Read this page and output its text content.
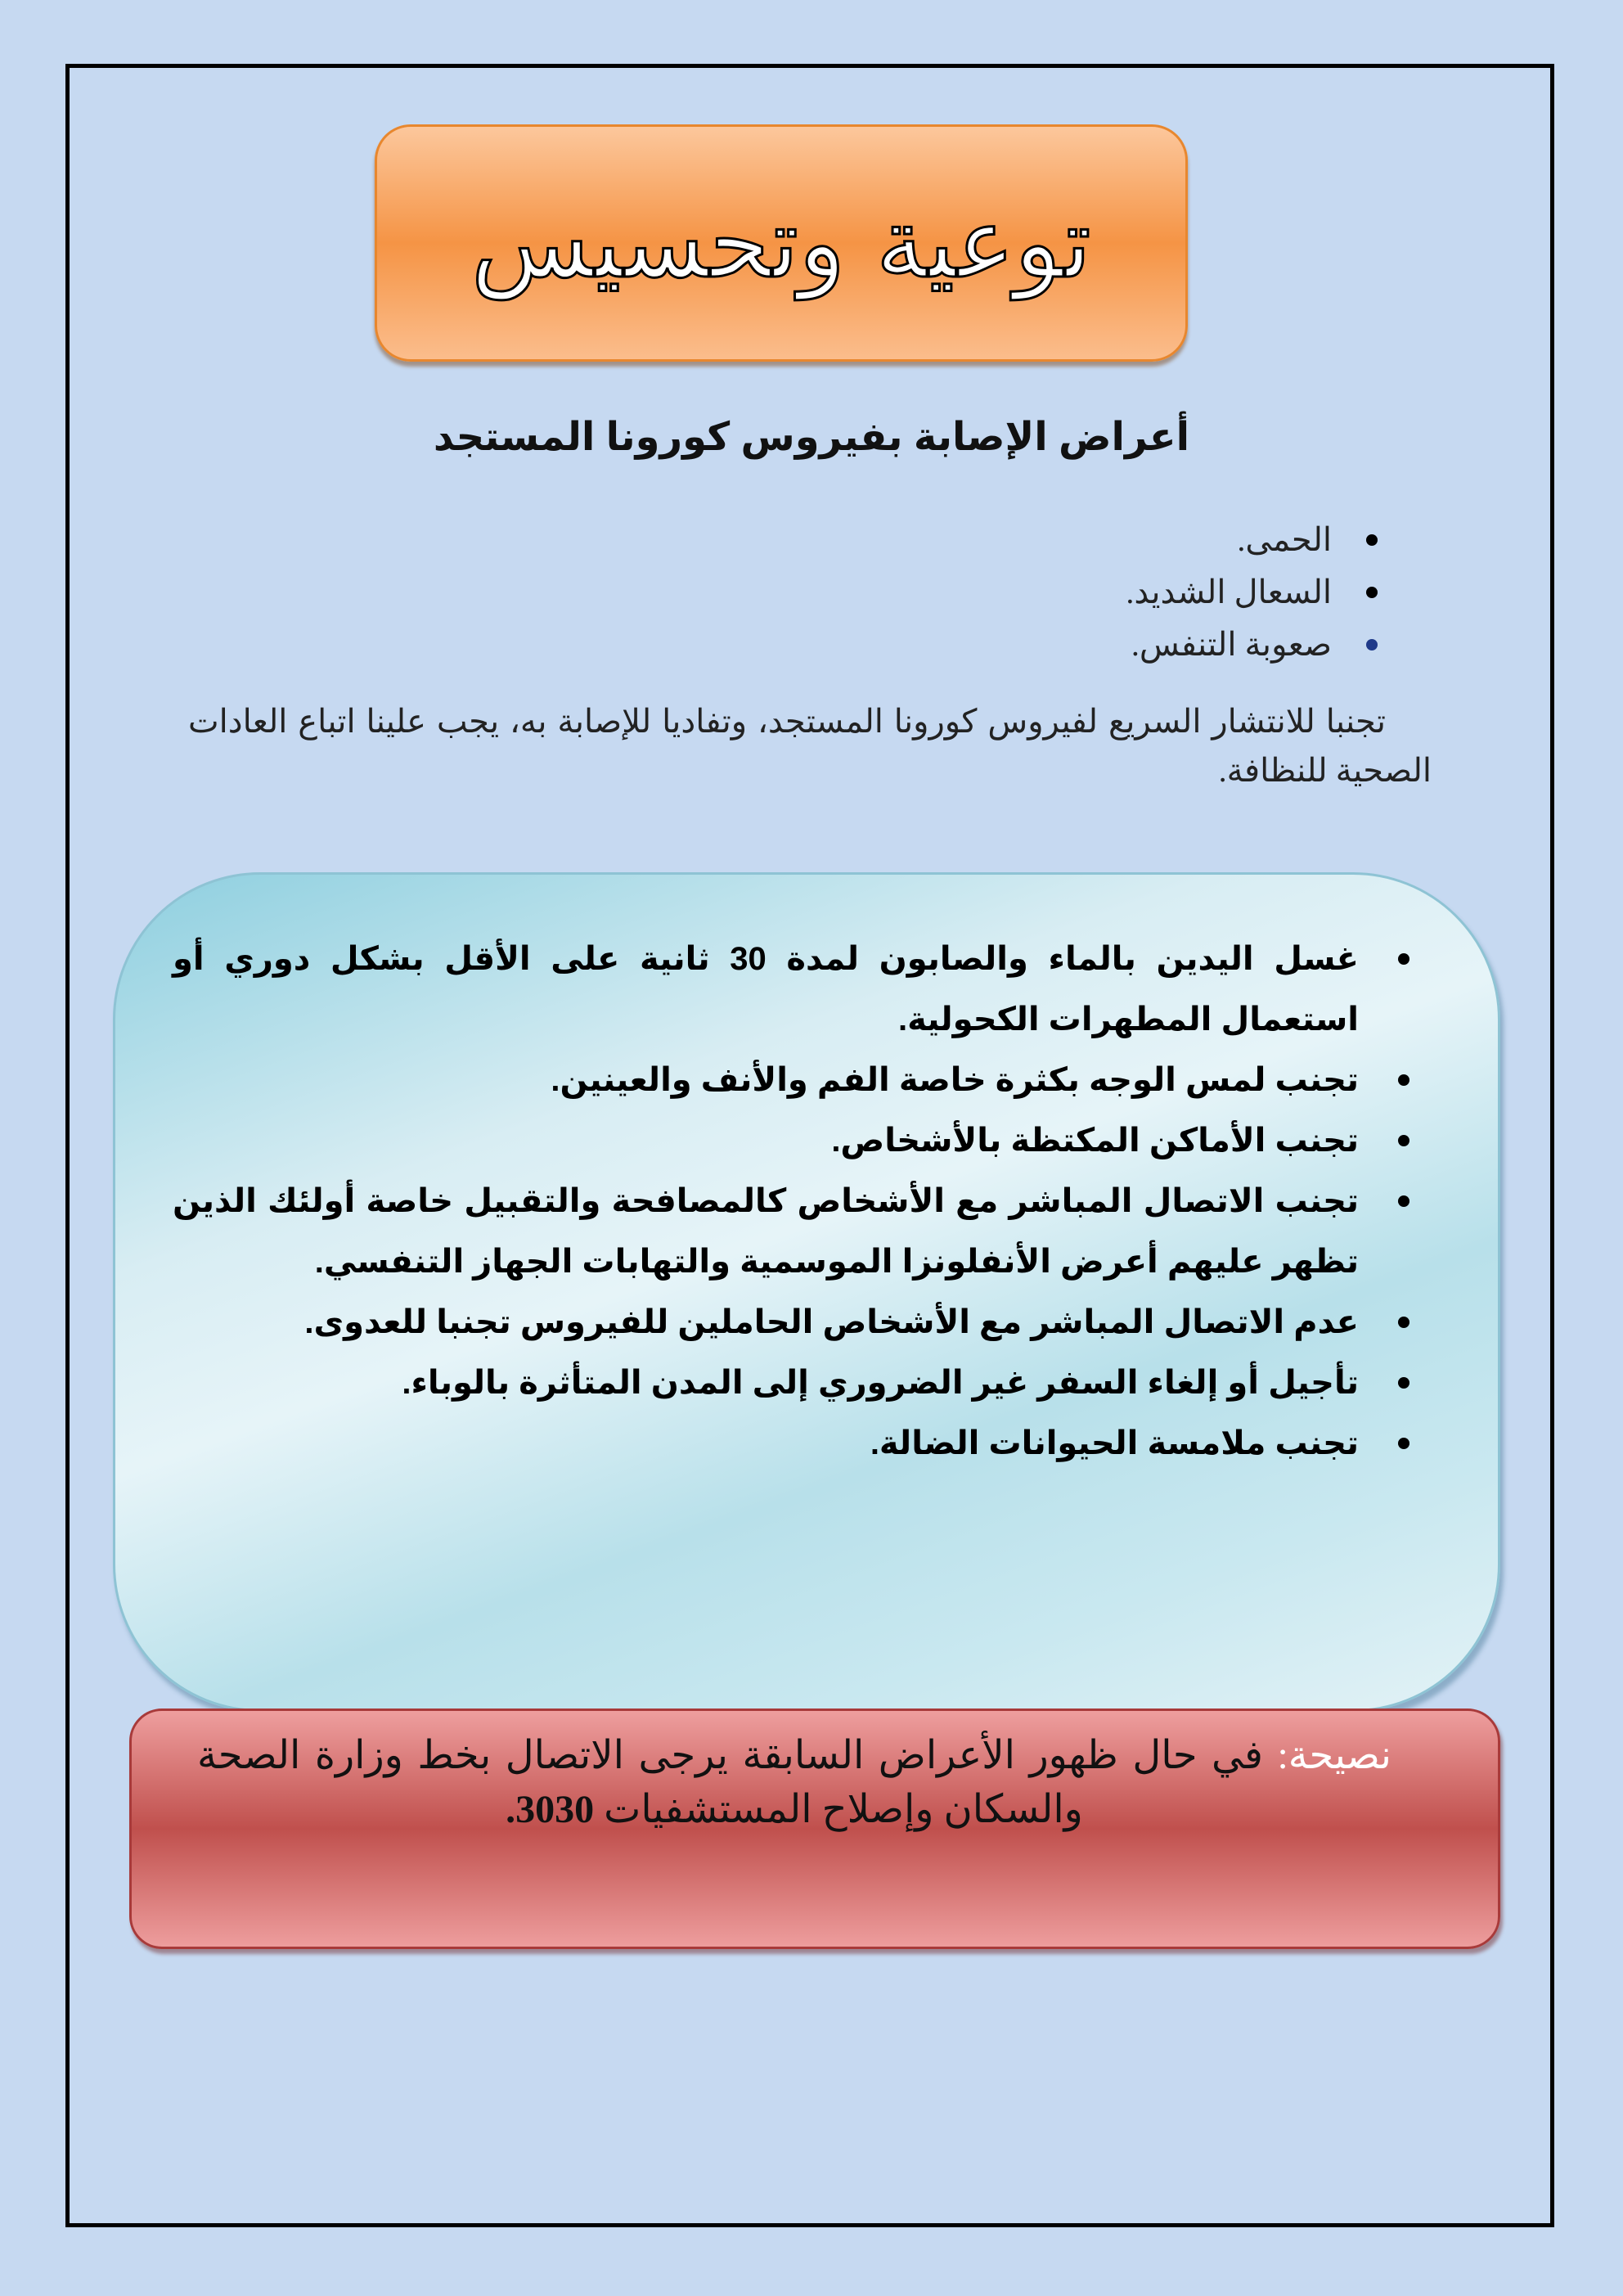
توعية وتحسيس
أعراض الإصابة بفيروس كورونا المستجد
الحمى.
السعال الشديد.
صعوبة التنفس.
تجنبا للانتشار السريع لفيروس كورونا المستجد، وتفاديا للإصابة به، يجب علينا اتباع العادات الصحية للنظافة.
غسل اليدين بالماء والصابون لمدة 30 ثانية على الأقل بشكل دوري أو استعمال المطهرات الكحولية.
تجنب لمس الوجه بكثرة خاصة الفم والأنف والعينين.
تجنب الأماكن المكتظة بالأشخاص.
تجنب الاتصال المباشر مع الأشخاص كالمصافحة والتقبيل خاصة أولئك الذين تظهر عليهم أعرض الأنفلونزا الموسمية والتهابات الجهاز التنفسي.
عدم الاتصال المباشر مع الأشخاص الحاملين للفيروس تجنبا للعدوى.
تأجيل أو إلغاء السفر غير الضروري إلى المدن المتأثرة بالوباء.
تجنب ملامسة الحيوانات الضالة.
نصيحة: في حال ظهور الأعراض السابقة يرجى الاتصال بخط وزارة الصحة والسكان وإصلاح المستشفيات 3030.
